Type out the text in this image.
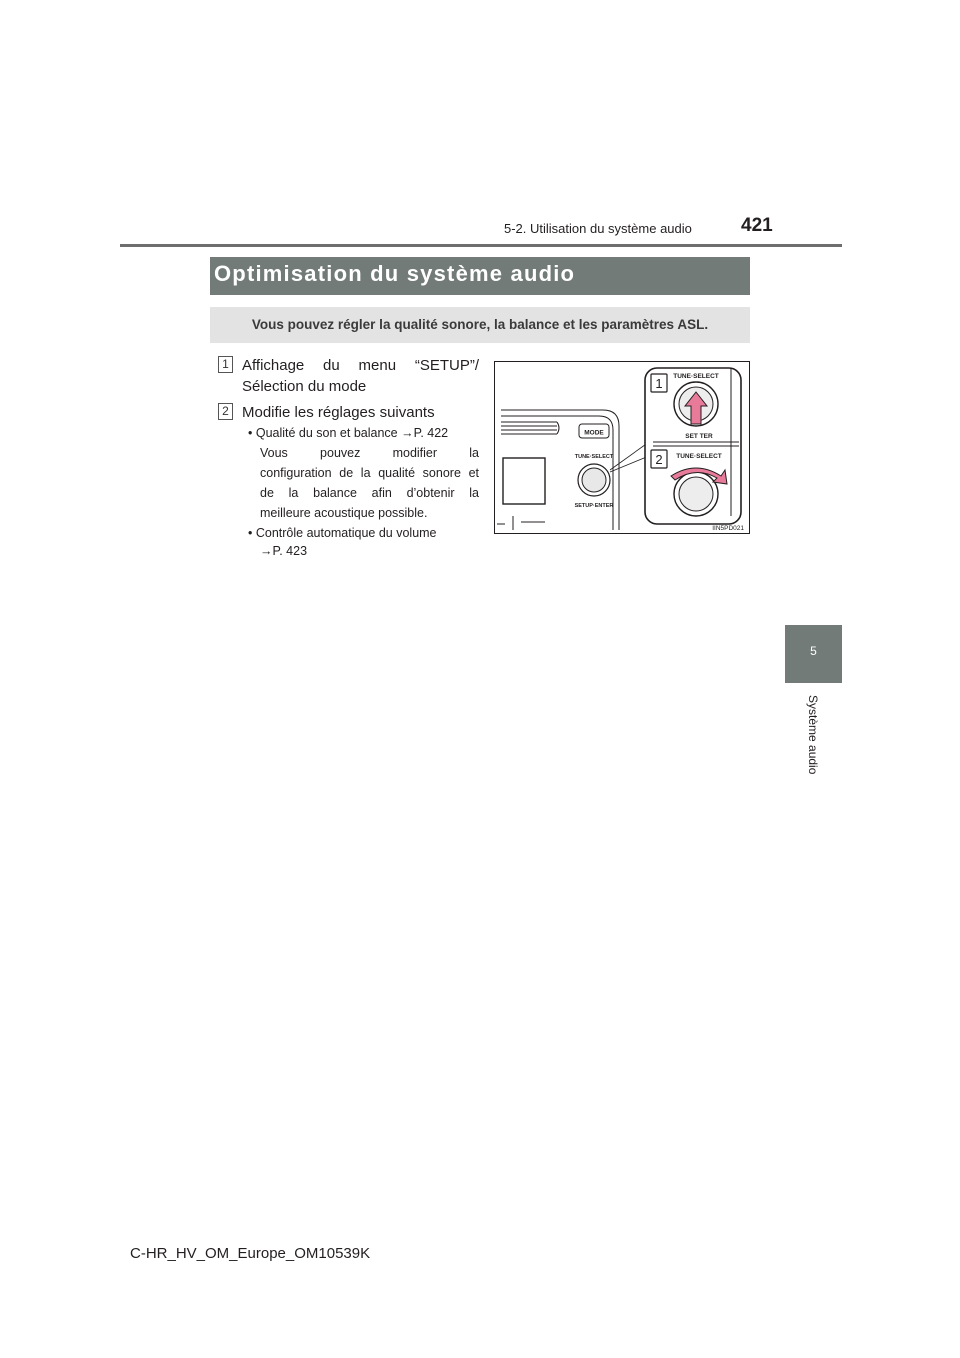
5-2. Utilisation du système audio	421
5
Système audio
Optimisation du système audio
Vous pouvez régler la qualité sonore, la balance et les paramètres ASL.
1 Affichage du menu “SETUP”/
Sélection du mode
2 Modifie les réglages suivants
• Qualité du son et balance →P. 422
Vous pouvez modifier la
configuration de la qualité sonore et
de la balance afin d’obtenir la
meilleure acoustique possible.
• Contrôle automatique du volume
→P. 423
MODE
TUNE·SELECT
SETUP·ENTER
TUNE·SELECT
SET TER
TUNE·SELECT
1
2
IIN5PD021
C-HR_HV_OM_Europe_OM10539K
